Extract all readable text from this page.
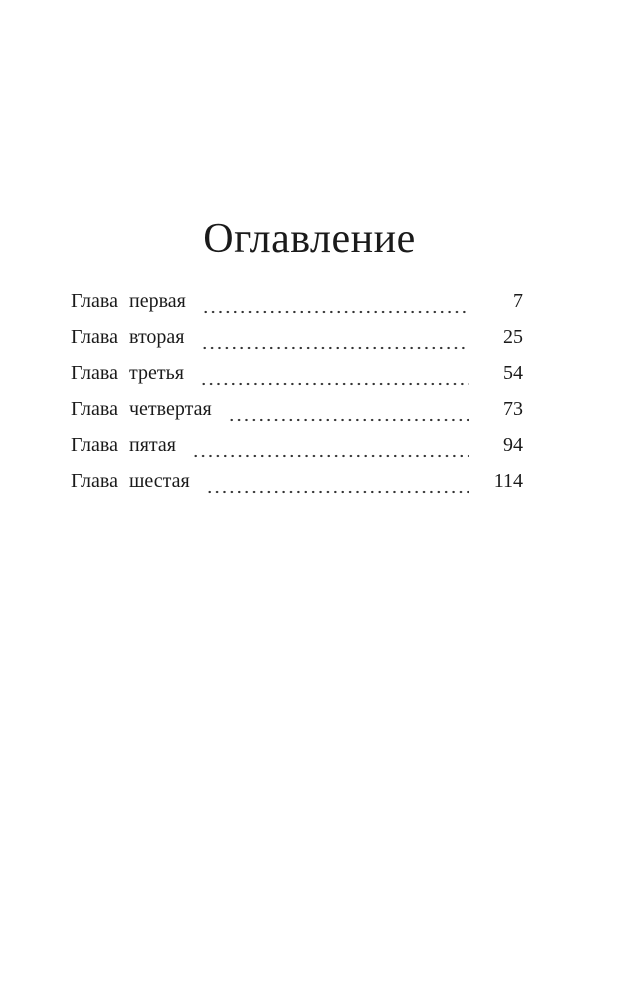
Оглавление
Глава первая	7
Глава вторая	25
Глава третья	54
Глава четвертая	73
Глава пятая	94
Глава шестая	114
